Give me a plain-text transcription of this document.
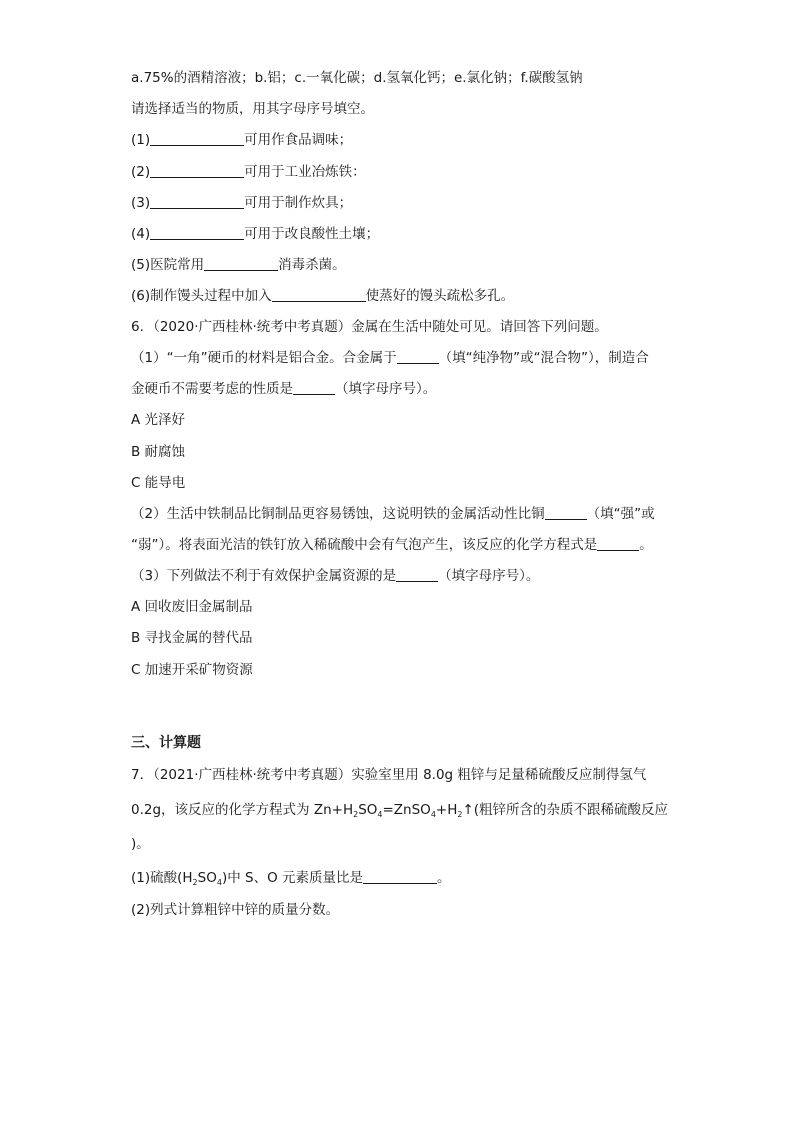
a.75%的酒精溶液；b.铝；c.一氧化碳；d.氢氧化钙；e.氯化钠；f.碳酸氢钠
请选择适当的物质，用其字母序号填空。
(1)	可用作食品调味；
(2)	可用于工业冶炼铁：
(3)	可用于制作炊具；
(4)	可用于改良酸性土壤；
(5)医院常用	消毒杀菌。
(6)制作馒头过程中加入	使蒸好的馒头疏松多孔。
6．（2020·广西桂林·统考中考真题）金属在生活中随处可见。请回答下列问题。
（1）“一角”硬币的材料是铝合金。合金属于	（填“纯净物”或“混合物”），制造合
金硬币不需要考虑的性质是	（填字母序号）。
A 光泽好
B 耐腐蚀
C 能导电
（2）生活中铁制品比铜制品更容易锈蚀，这说明铁的金属活动性比铜	（填“强”或
“弱”）。将表面光洁的铁钉放入稀硫酸中会有气泡产生，该反应的化学方程式是	。
（3）下列做法不利于有效保护金属资源的是	（填字母序号）。
A 回收废旧金属制品
B 寻找金属的替代品
C 加速开采矿物资源
三、计算题
7．（2021·广西桂林·统考中考真题）实验室里用 8.0g 粗锌与足量稀硫酸反应制得氢气
0.2g，该反应的化学方程式为 $Zn+H_2SO_4=ZnSO_4+H_2↑$(粗锌所含的杂质不跟稀硫酸反应
)。
(1)硫酸$(H_2SO_4)$中 S、O 元素质量比是	。
(2)列式计算粗锌中锌的质量分数。
